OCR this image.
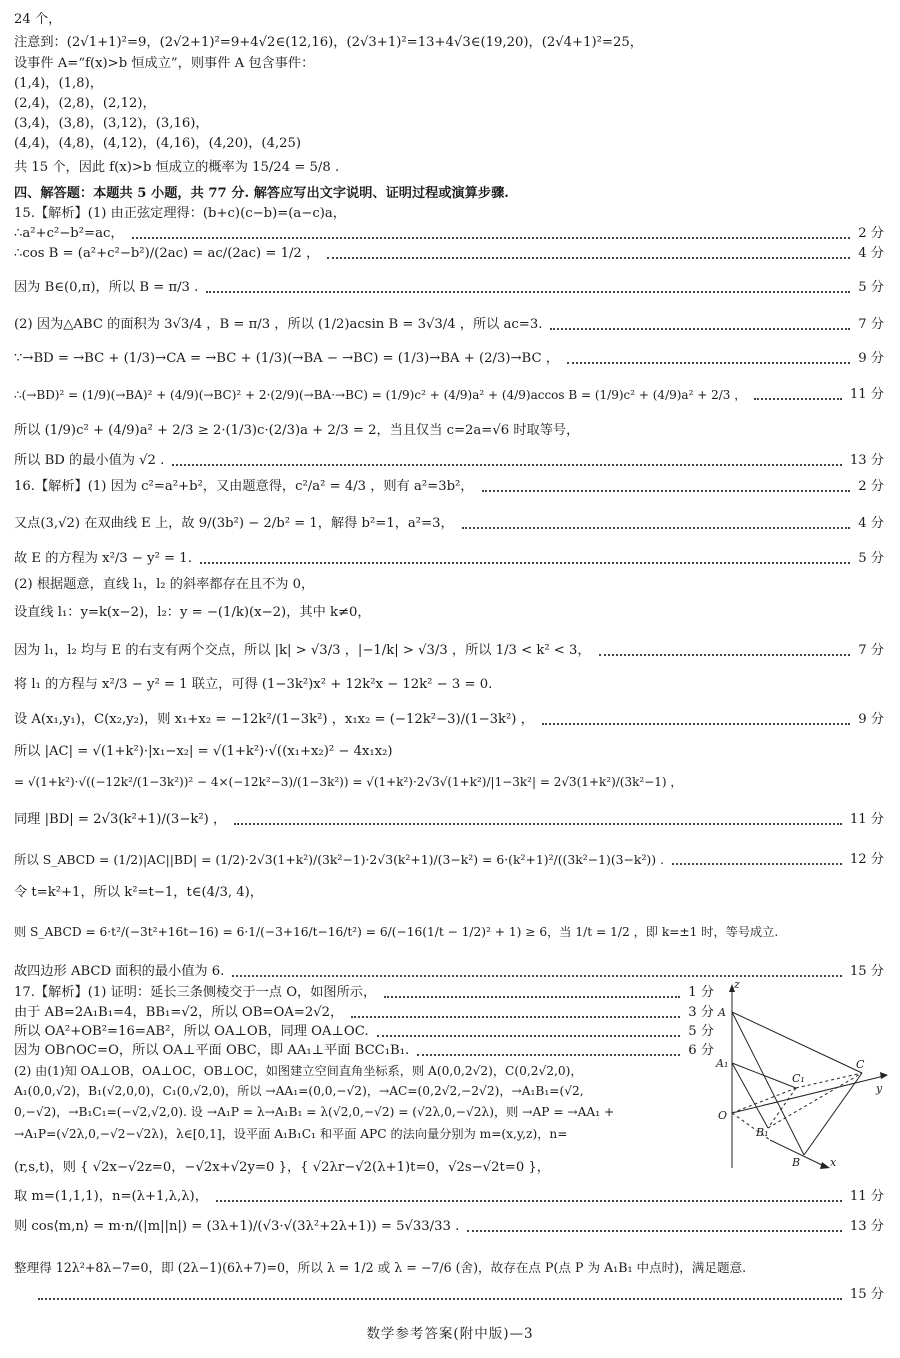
24 个，
注意到：(2√1+1)²=9，(2√2+1)²=9+4√2∈(12,16)，(2√3+1)²=13+4√3∈(19,20)，(2√4+1)²=25，
设事件 A=“f(x)>b 恒成立”，则事件 A 包含事件：
(1,4)，(1,8)，
(2,4)，(2,8)，(2,12)，
(3,4)，(3,8)，(3,12)，(3,16)，
(4,4)，(4,8)，(4,12)，(4,16)，(4,20)，(4,25)
共 15 个，因此 f(x)>b 恒成立的概率为 15/24 = 5/8 .
四、解答题：本题共 5 小题，共 77 分. 解答应写出文字说明、证明过程或演算步骤.
15.【解析】(1) 由正弦定理得：(b+c)(c−b)=(a−c)a，
∴a²+c²−b²=ac，	2 分
∴cos B = (a²+c²−b²)/(2ac) = ac/(2ac) = 1/2 ，	4 分
因为 B∈(0,π)，所以 B = π/3 .	5 分
(2) 因为△ABC 的面积为 3√3/4 ，B = π/3 ，所以 (1/2)acsin B = 3√3/4 ，所以 ac=3.	7 分
∵→BD = →BC + (1/3)→CA = →BC + (1/3)(→BA − →BC) = (1/3)→BA + (2/3)→BC ，	9 分
∴(→BD)² = (1/9)(→BA)² + (4/9)(→BC)² + 2·(2/9)(→BA·→BC) = (1/9)c² + (4/9)a² + (4/9)accos B = (1/9)c² + (4/9)a² + 2/3 ，	11 分
所以 (1/9)c² + (4/9)a² + 2/3 ≥ 2·(1/3)c·(2/3)a + 2/3 = 2，当且仅当 c=2a=√6 时取等号，
所以 BD 的最小值为 √2 .	13 分
16.【解析】(1) 因为 c²=a²+b²，又由题意得，c²/a² = 4/3 ，则有 a²=3b²，	2 分
又点(3,√2) 在双曲线 E 上，故 9/(3b²) − 2/b² = 1，解得 b²=1，a²=3，	4 分
故 E 的方程为 x²/3 − y² = 1.	5 分
(2) 根据题意，直线 l₁，l₂ 的斜率都存在且不为 0，
设直线 l₁：y=k(x−2)，l₂：y = −(1/k)(x−2)，其中 k≠0，
因为 l₁，l₂ 均与 E 的右支有两个交点，所以 |k| > √3/3 ，|−1/k| > √3/3 ，所以 1/3 < k² < 3，	7 分
将 l₁ 的方程与 x²/3 − y² = 1 联立，可得 (1−3k²)x² + 12k²x − 12k² − 3 = 0.
设 A(x₁,y₁)，C(x₂,y₂)，则 x₁+x₂ = −12k²/(1−3k²) ，x₁x₂ = (−12k²−3)/(1−3k²) ，	9 分
所以 |AC| = √(1+k²)·|x₁−x₂| = √(1+k²)·√((x₁+x₂)² − 4x₁x₂)
= √(1+k²)·√((−12k²/(1−3k²))² − 4×(−12k²−3)/(1−3k²)) = √(1+k²)·2√3√(1+k²)/|1−3k²| = 2√3(1+k²)/(3k²−1) ，
同理 |BD| = 2√3(k²+1)/(3−k²) ，	11 分
所以 S_ABCD = (1/2)|AC||BD| = (1/2)·2√3(1+k²)/(3k²−1)·2√3(k²+1)/(3−k²) = 6·(k²+1)²/((3k²−1)(3−k²)) .	12 分
令 t=k²+1，所以 k²=t−1，t∈(4/3, 4)，
则 S_ABCD = 6·t²/(−3t²+16t−16) = 6·1/(−3+16/t−16/t²) = 6/(−16(1/t − 1/2)² + 1) ≥ 6，当 1/t = 1/2 ，即 k=±1 时，等号成立.
故四边形 ABCD 面积的最小值为 6.	15 分
17.【解析】(1) 证明：延长三条侧棱交于一点 O，如图所示，	1 分
由于 AB=2A₁B₁=4，BB₁=√2，所以 OB=OA=2√2，	3 分
所以 OA²+OB²=16=AB²，所以 OA⊥OB，同理 OA⊥OC.	5 分
因为 OB∩OC=O，所以 OA⊥平面 OBC，即 AA₁⊥平面 BCC₁B₁.	6 分
(2) 由(1)知 OA⊥OB，OA⊥OC，OB⊥OC，如图建立空间直角坐标系，则 A(0,0,2√2)，C(0,2√2,0)，
A₁(0,0,√2)，B₁(√2,0,0)，C₁(0,√2,0)，所以 →AA₁=(0,0,−√2)，→AC=(0,2√2,−2√2)，→A₁B₁=(√2,
0,−√2)，→B₁C₁=(−√2,√2,0). 设 →A₁P = λ→A₁B₁ = λ(√2,0,−√2) = (√2λ,0,−√2λ)，则 →AP = →AA₁ +
→A₁P=(√2λ,0,−√2−√2λ)，λ∈[0,1]，设平面 A₁B₁C₁ 和平面 APC 的法向量分别为 m=(x,y,z)，n=
(r,s,t)，则 { √2x−√2z=0，−√2x+√2y=0 }，{ √2λr−√2(λ+1)t=0，√2s−√2t=0 }，
取 m=(1,1,1)，n=(λ+1,λ,λ)，	11 分
则 cos⟨m,n⟩ = m·n/(|m||n|) = (3λ+1)/(√3·√(3λ²+2λ+1)) = 5√33/33 .	13 分
整理得 12λ²+8λ−7=0，即 (2λ−1)(6λ+7)=0，所以 λ = 1/2 或 λ = −7/6 (舍)，故存在点 P(点 P 为 A₁B₁ 中点时)，满足题意.
15 分
z
A
A₁
O
C₁
C
y
B₁
B	x
数学参考答案(附中版)—3
